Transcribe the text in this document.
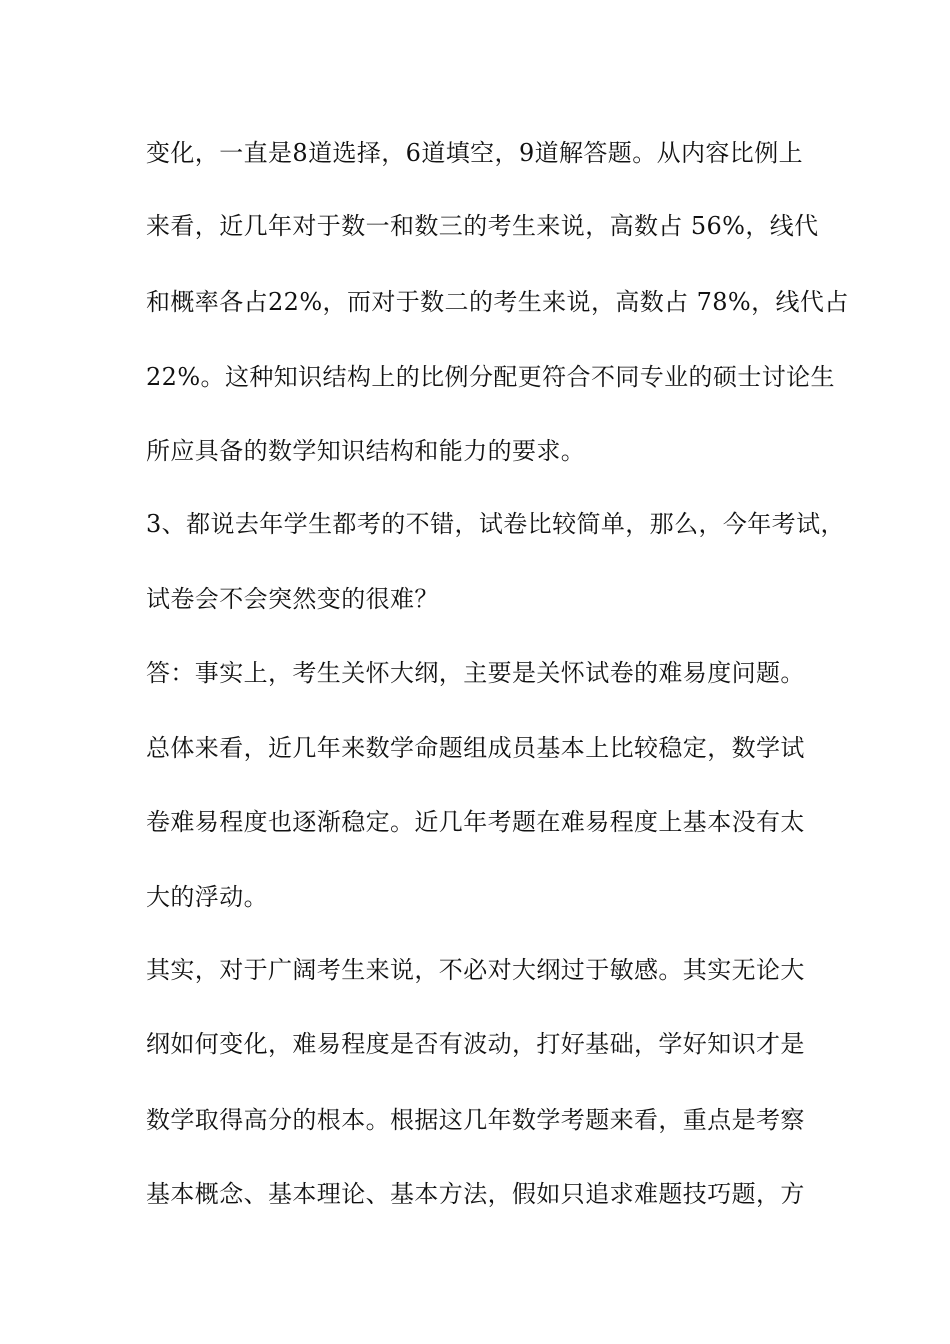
变化，一直是8道选择，6道填空，9道解答题。从内容比例上
来看，近几年对于数一和数三的考生来说，高数占 56%，线代
和概率各占22%，而对于数二的考生来说，高数占 78%，线代占
22%。这种知识结构上的比例分配更符合不同专业的硕士讨论生
所应具备的数学知识结构和能力的要求。
3、都说去年学生都考的不错，试卷比较简单，那么，今年考试，
试卷会不会突然变的很难？
答：事实上，考生关怀大纲，主要是关怀试卷的难易度问题。
总体来看，近几年来数学命题组成员基本上比较稳定，数学试
卷难易程度也逐渐稳定。近几年考题在难易程度上基本没有太
大的浮动。
其实，对于广阔考生来说，不必对大纲过于敏感。其实无论大
纲如何变化，难易程度是否有波动，打好基础，学好知识才是
数学取得高分的根本。根据这几年数学考题来看，重点是考察
基本概念、基本理论、基本方法，假如只追求难题技巧题，方
